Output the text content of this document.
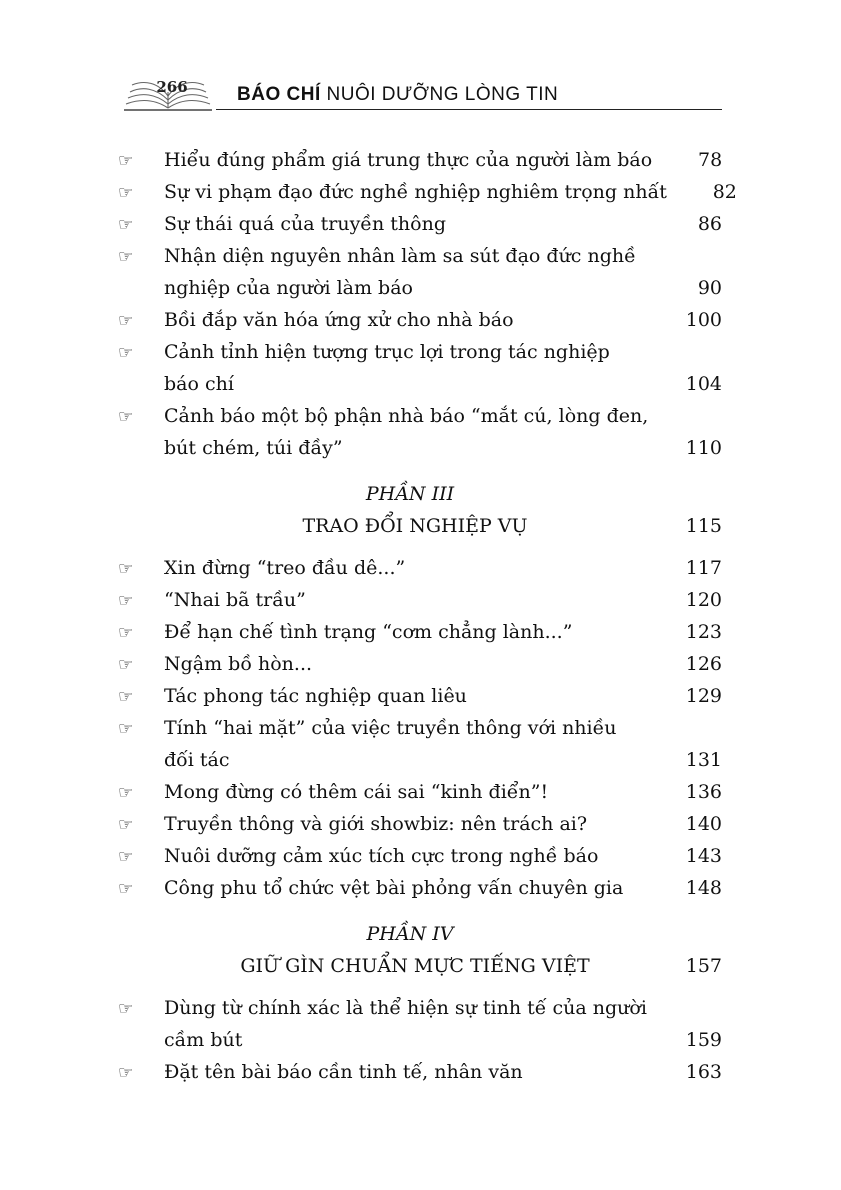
266	BÁO CHÍ NUÔI DƯỠNG LÒNG TIN
☞	Hiểu đúng phẩm giá trung thực của người làm báo	78
☞	Sự vi phạm đạo đức nghề nghiệp nghiêm trọng nhất	82
☞	Sự thái quá của truyền thông	86
☞	Nhận diện nguyên nhân làm sa sút đạo đức nghề
nghiệp của người làm báo	90
☞	Bồi đắp văn hóa ứng xử cho nhà báo	100
☞	Cảnh tỉnh hiện tượng trục lợi trong tác nghiệp
báo chí	104
☞	Cảnh báo một bộ phận nhà báo “mắt cú, lòng đen,
bút chém, túi đầy”	110
PHẦN III
TRAO ĐỔI NGHIỆP VỤ	115
☞	Xin đừng “treo đầu dê...”	117
☞	“Nhai bã trầu”	120
☞	Để hạn chế tình trạng “cơm chẳng lành...”	123
☞	Ngậm bồ hòn...	126
☞	Tác phong tác nghiệp quan liêu	129
☞	Tính “hai mặt” của việc truyền thông với nhiều
đối tác	131
☞	Mong đừng có thêm cái sai “kinh điển”!	136
☞	Truyền thông và giới showbiz: nên trách ai?	140
☞	Nuôi dưỡng cảm xúc tích cực trong nghề báo	143
☞	Công phu tổ chức vệt bài phỏng vấn chuyên gia	148
PHẦN IV
GIỮ GÌN CHUẨN MỰC TIẾNG VIỆT	157
☞	Dùng từ chính xác là thể hiện sự tinh tế của người
cầm bút	159
☞	Đặt tên bài báo cần tinh tế, nhân văn	163
